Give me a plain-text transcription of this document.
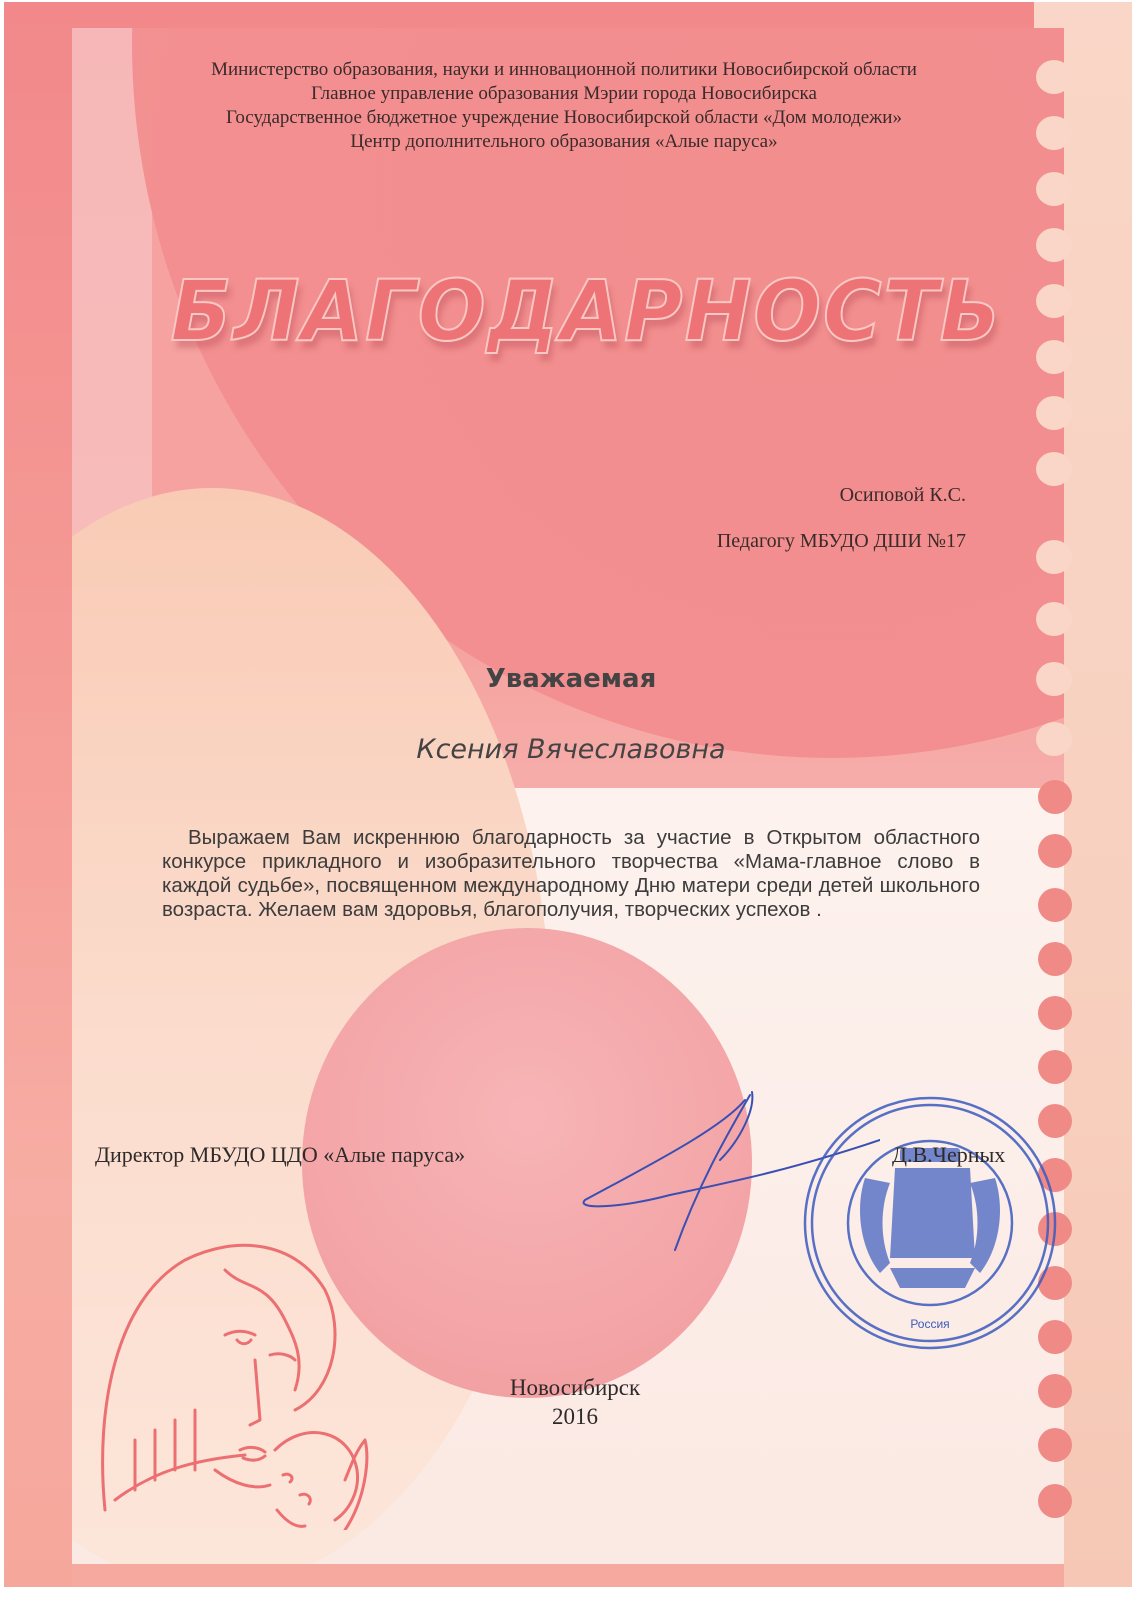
Министерство образования, науки и инновационной политики Новосибирской области
Главное управление образования Мэрии города Новосибирска
Государственное бюджетное учреждение Новосибирской области «Дом молодежи»
Центр дополнительного образования «Алые паруса»
БЛАГОДАРНОСТЬ
Осиповой К.С.
Педагогу МБУДО ДШИ №17
Уважаемая
Ксения Вячеславовна

Выражаем Вам искреннюю благодарность за участие в Открытом областного конкурсе прикладного и изобразительного творчества «Мама-главное слово в каждой судьбе», посвященном международному Дню матери среди детей школьного возраста. Желаем вам здоровья, благополучия, творческих успехов .

Россия
Директор МБУДО ЦДО «Алые паруса»	Д.В.Черных
Новосибирск
2016
